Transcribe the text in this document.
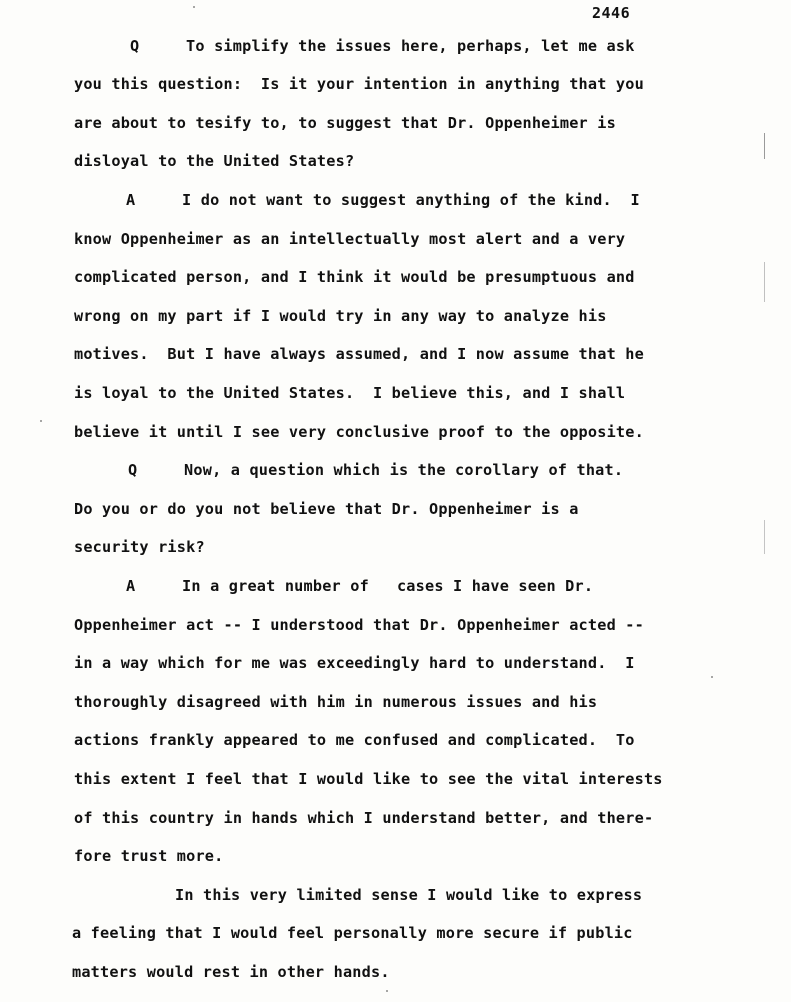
2446
Q     To simplify the issues here, perhaps, let me ask
you this question:  Is it your intention in anything that you
are about to tesify to, to suggest that Dr. Oppenheimer is
disloyal to the United States?
A     I do not want to suggest anything of the kind.  I
know Oppenheimer as an intellectually most alert and a very
complicated person, and I think it would be presumptuous and
wrong on my part if I would try in any way to analyze his
motives.  But I have always assumed, and I now assume that he
is loyal to the United States.  I believe this, and I shall
believe it until I see very conclusive proof to the opposite.
Q     Now, a question which is the corollary of that.
Do you or do you not believe that Dr. Oppenheimer is a
security risk?
A     In a great number of   cases I have seen Dr.
Oppenheimer act -- I understood that Dr. Oppenheimer acted --
in a way which for me was exceedingly hard to understand.  I
thoroughly disagreed with him in numerous issues and his
actions frankly appeared to me confused and complicated.  To
this extent I feel that I would like to see the vital interests
of this country in hands which I understand better, and there-
fore trust more.
In this very limited sense I would like to express
a feeling that I would feel personally more secure if public
matters would rest in other hands.
